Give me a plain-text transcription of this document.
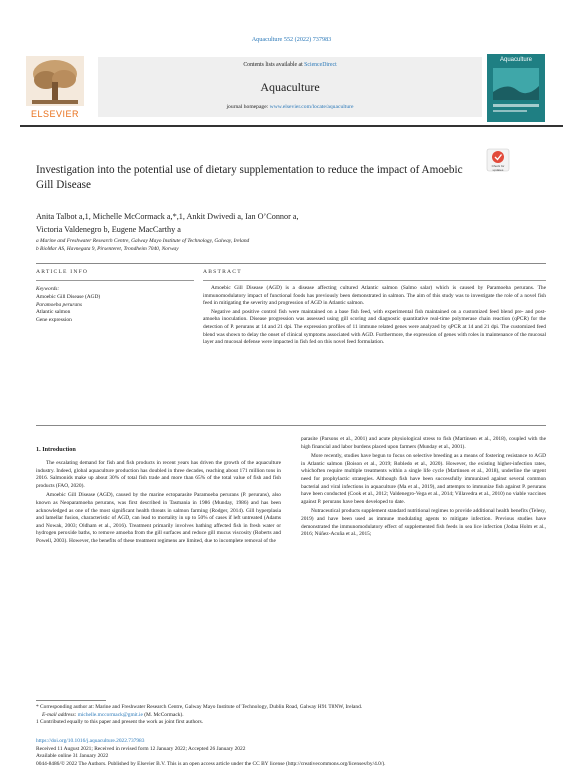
Aquaculture 552 (2022) 737983
ELSEVIER
Contents lists available at ScienceDirect
Aquaculture
journal homepage: www.elsevier.com/locate/aquaculture
Aquaculture
Investigation into the potential use of dietary supplementation to reduce the impact of Amoebic Gill Disease
Check for updates
Anita Talbot a,1, Michelle McCormack a,*,1, Ankit Dwivedi a, Ian O’Connor a,
Victoria Valdenegro b, Eugene MacCarthy a
a Marine and Freshwater Research Centre, Galway Mayo Institute of Technology, Galway, Ireland
b BioMar AS, Havnegata 9, Pirsenteret, Trondheim 7040, Norway
ARTICLE INFO	ABSTRACT
Keywords:
Amoebic Gill Disease (AGD)
Paramoeba perurans
Atlantic salmon
Gene expression

Amoebic Gill Disease (AGD) is a disease affecting cultured Atlantic salmon (Salmo salar) which is caused by Paramoeba perurans. The immunomodulatory impact of functional foods has previously been demonstrated in salmon. The aim of this study was to investigate the role of a novel fish feed in mitigating the severity and progression of AGD in Atlantic salmon.

Negative and positive control fish were maintained on a base fish feed, with experimental fish maintained on a customized feed blend pre- and post-amoeba inoculation. Disease progression was assessed using gill scoring and diagnostic quantitative real-time polymerase chain reaction (qPCR) for the detection of P. perurans at 14 and 21 dpi. The expression profiles of 11 immune related genes were analyzed by qPCR at 14 and 21 dpi. The customized feed blend was shown to delay the onset of clinical symptoms associated with AGD. Furthermore, the expression of genes with roles in maintenance of the mucosal layer and mucosal defense were impacted in fish fed on this novel feed formulation.

1. Introduction

The escalating demand for fish and fish products in recent years has driven the growth of the aquaculture industry. Indeed, global aquaculture production has doubled in three decades, reaching about 171 million tons in 2016. Salmonids make up about 30% of total fish trade and more than 65% of the total value of fish and fish products (FAO, 2020).

Amoebic Gill Disease (AGD), caused by the marine ectoparasite Paramoeba perurans (P. perurans), also known as Neoparamoeba perurans, was first described in Tasmania in 1986 (Munday, 1986) and has been acknowledged as one of the most significant health threats in salmon farming (Rodger, 2014). Gill hyperplasia and lamellar fusion, characteristic of AGD, can lead to mortality in up to 50% of cases if left untreated (Adams and Nowak, 2003; Oldham et al., 2016). Treatment primarily involves bathing affected fish in fresh water or hydrogen peroxide baths, to remove amoeba from the gill surfaces and reduce gill mucus viscosity (Roberts and Powell, 2003). However, the benefits of these treatment regimens are limited, due to incomplete removal of the

parasite (Parsons et al., 2001) and acute physiological stress to fish (Martinsen et al., 2018), coupled with the high financial and labor burdens placed upon farmers (Munday et al., 2001).

More recently, studies have begun to focus on selective breeding as a means of fostering resistance to AGD in Atlantic salmon (Boison et al., 2019; Robledo et al., 2020). However, the existing higher-infection rates, whichoften require multiple treatments within a single life cycle (Martinsen et al., 2018), underline the urgent need for prophylactic strategies. Although fish have been successfully immunized against several common bacterial and viral infections in aquaculture (Ma et al., 2019), and attempts to immunize fish against P. perurans have been conducted (Cook et al., 2012; Valdenegro-Vega et al., 2014; Villavedra et al., 2010) no viable vaccines against P. perurans have been developed to date.

Nutraceutical products supplement standard nutritional regimes to provide additional health benefits (Telesy, 2019) and have been used as immune modulating agents to mitigate infection. Previous studies have demonstrated the immunomodulatory effect of supplemented fish feeds in sea lice infection (Jodaa Holm et al., 2016; Núñez-Acuña et al., 2015;

* Corresponding author at: Marine and Freshwater Research Centre, Galway Mayo Institute of Technology, Dublin Road, Galway H91 T8NW, Ireland.

E-mail address: michelle.mccormack@gmit.ie (M. McCormack).

1 Contributed equally to this paper and present the work as joint first authors.

https://doi.org/10.1016/j.aquaculture.2022.737983

Received 11 August 2021; Received in revised form 12 January 2022; Accepted 26 January 2022

Available online 31 January 2022

0044-8486/© 2022 The Authors. Published by Elsevier B.V. This is an open access article under the CC BY license (http://creativecommons.org/licenses/by/4.0/).
